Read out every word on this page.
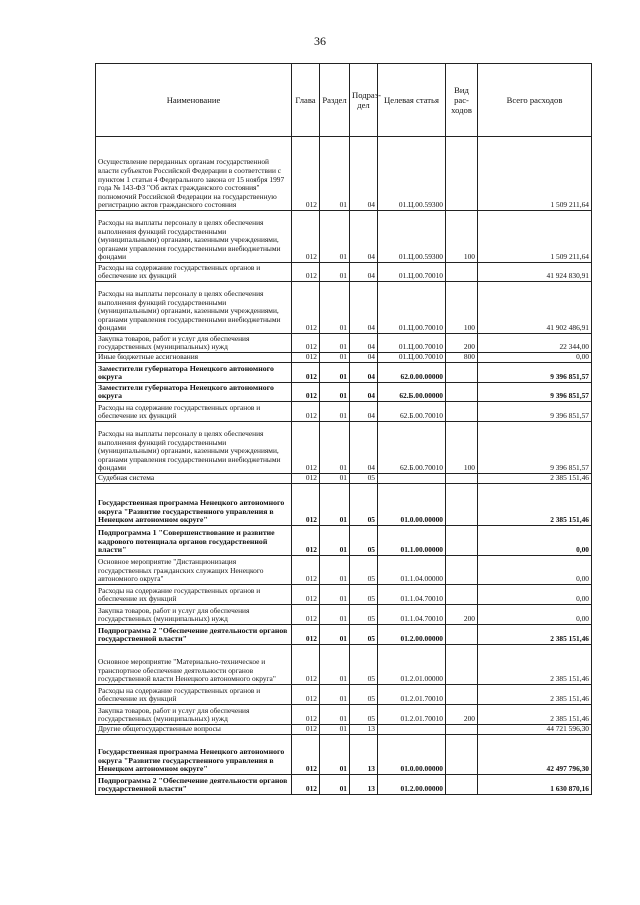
36
Наименование	Глава	Раздел	Подраз-дел	Целевая статья	Вид рас-ходов	Всего расходов
Осуществление переданных органам государственной власти субъектов Российской Федерации в соответствии с пунктом 1 статьи 4 Федерального закона от 15 ноября 1997 года № 143-ФЗ "Об актах гражданского состояния" полномочий Российской Федерации на государственную регистрацию актов гражданского состояния	012	01	04	01.Ц.00.59300		1 509 211,64
Расходы на выплаты персоналу в целях обеспечения выполнения функций государственными (муниципальными) органами, казенными учреждениями, органами управления государственными внебюджетными фондами	012	01	04	01.Ц.00.59300	100	1 509 211,64
Расходы на содержание государственных органов и обеспечение их функций	012	01	04	01.Ц.00.70010		41 924 830,91
Расходы на выплаты персоналу в целях обеспечения выполнения функций государственными (муниципальными) органами, казенными учреждениями, органами управления государственными внебюджетными фондами	012	01	04	01.Ц.00.70010	100	41 902 486,91
Закупка товаров, работ и услуг для обеспечения государственных (муниципальных) нужд	012	01	04	01.Ц.00.70010	200	22 344,00
Иные бюджетные ассигнования	012	01	04	01.Ц.00.70010	800	0,00
Заместители губернатора Ненецкого автономного округа	012	01	04	62.0.00.00000		9 396 851,57
Заместители губернатора Ненецкого автономного округа	012	01	04	62.Б.00.00000		9 396 851,57
Расходы на содержание государственных органов и обеспечение их функций	012	01	04	62.Б.00.70010		9 396 851,57
Расходы на выплаты персоналу в целях обеспечения выполнения функций государственными (муниципальными) органами, казенными учреждениями, органами управления государственными внебюджетными фондами	012	01	04	62.Б.00.70010	100	9 396 851,57
Судебная система	012	01	05			2 385 151,46
Государственная программа Ненецкого автономного округа "Развитие государственного управления в Ненецком автономном округе"	012	01	05	01.0.00.00000		2 385 151,46
Подпрограмма 1 "Совершенствование и развитие кадрового потенциала органов государственной власти"	012	01	05	01.1.00.00000		0,00
Основное мероприятие "Дистанционизация государственных гражданских служащих Ненецкого автономного округа"	012	01	05	01.1.04.00000		0,00
Расходы на содержание государственных органов и обеспечение их функций	012	01	05	01.1.04.70010		0,00
Закупка товаров, работ и услуг для обеспечения государственных (муниципальных) нужд	012	01	05	01.1.04.70010	200	0,00
Подпрограмма 2 "Обеспечение деятельности органов государственной власти"	012	01	05	01.2.00.00000		2 385 151,46
Основное мероприятие "Материально-техническое и транспортное обеспечение деятельности органов государственной власти Ненецкого автономного округа"	012	01	05	01.2.01.00000		2 385 151,46
Расходы на содержание государственных органов и обеспечение их функций	012	01	05	01.2.01.70010		2 385 151,46
Закупка товаров, работ и услуг для обеспечения государственных (муниципальных) нужд	012	01	05	01.2.01.70010	200	2 385 151,46
Другие общегосударственные вопросы	012	01	13			44 721 596,30
Государственная программа Ненецкого автономного округа "Развитие государственного управления в Ненецком автономном округе"	012	01	13	01.0.00.00000		42 497 796,30
Подпрограмма 2 "Обеспечение деятельности органов государственной власти"	012	01	13	01.2.00.00000		1 630 870,16
